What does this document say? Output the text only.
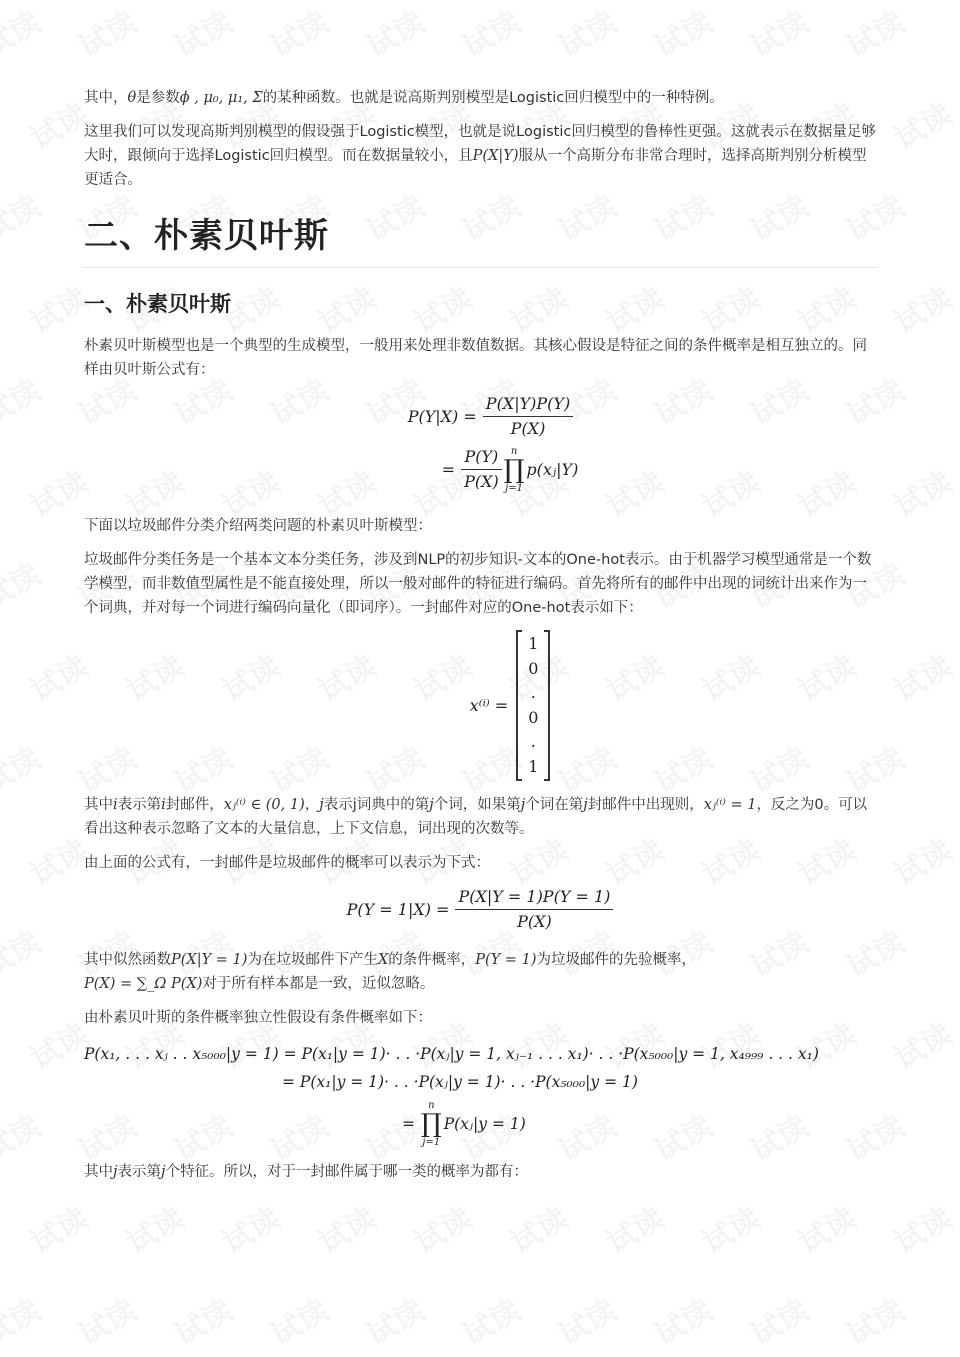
其中，θ是参数ϕ , μ₀, μ₁, Σ的某种函数。也就是说高斯判别模型是Logistic回归模型中的一种特例。

这里我们可以发现高斯判别模型的假设强于Logistic模型，也就是说Logistic回归模型的鲁棒性更强。这就表示在数据量足够大时，跟倾向于选择Logistic回归模型。而在数据量较小，且P(X|Y)服从一个高斯分布非常合理时，选择高斯判别分析模型更适合。

二、朴素贝叶斯
一、朴素贝叶斯

朴素贝叶斯模型也是一个典型的生成模型，一般用来处理非数值数据。其核心假设是特征之间的条件概率是相互独立的。同样由贝叶斯公式有：

$P(Y|X) = \frac{P(X|Y)P(Y)}{P(X)}$
= $\frac{P(Y)}{P(X)}$ n
∏
j=1
p(xⱼ|Y)

下面以垃圾邮件分类介绍两类问题的朴素贝叶斯模型：

垃圾邮件分类任务是一个基本文本分类任务，涉及到NLP的初步知识-文本的One-hot表示。由于机器学习模型通常是一个数学模型，而非数值型属性是不能直接处理，所以一般对邮件的特征进行编码。首先将所有的邮件中出现的词统计出来作为一个词典，并对每一个词进行编码向量化（即词序）。一封邮件对应的One-hot表示如下：

x⁽ⁱ⁾ =
1
0
.
0
.
1

其中i表示第i封邮件，xⱼ⁽ⁱ⁾ ∈ (0, 1)，j表示j词典中的第j个词，如果第j个词在第j封邮件中出现则，xⱼ⁽ⁱ⁾ = 1，反之为0。可以看出这种表示忽略了文本的大量信息，上下文信息，词出现的次数等。

由上面的公式有，一封邮件是垃圾邮件的概率可以表示为下式：

$P(Y = 1|X) = \frac{P(X|Y = 1)P(Y = 1)}{P(X)}$

其中似然函数P(X|Y = 1)为在垃圾邮件下产生X的条件概率，P(Y = 1)为垃圾邮件的先验概率，
P(X) = ∑_Ω P(X)对于所有样本都是一致，近似忽略。

由朴素贝叶斯的条件概率独立性假设有条件概率如下：

P(x₁, . . . xⱼ . . x₅₀₀₀|y = 1) = P(x₁|y = 1)· . . ·P(xⱼ|y = 1, xⱼ₋₁ . . . x₁)· . . ·P(x₅₀₀₀|y = 1, x₄₉₉₉ . . . x₁)
= P(x₁|y = 1)· . . ·P(xⱼ|y = 1)· . . ·P(x₅₀₀₀|y = 1)
=
n
∏
j=1
P(xⱼ|y = 1)

其中j表示第j个特征。所以，对于一封邮件属于哪一类的概率为都有：
